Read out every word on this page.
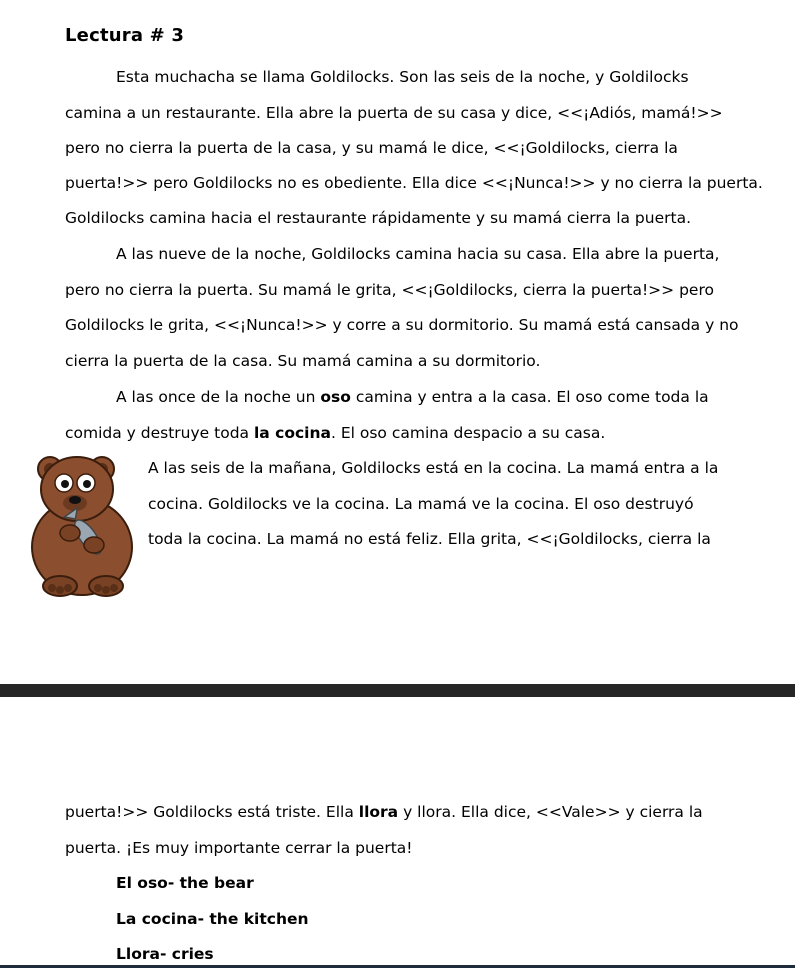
Lectura # 3
Esta muchacha se llama Goldilocks. Son las seis de la noche, y Goldilocks
camina a un restaurante. Ella abre la puerta de su casa y dice, <<¡Adiós, mamá!>>
pero no cierra la puerta de la casa, y su mamá le dice, <<¡Goldilocks, cierra la
puerta!>> pero Goldilocks no es obediente. Ella dice <<¡Nunca!>> y no cierra la puerta.
Goldilocks camina hacia el restaurante rápidamente y su mamá cierra la puerta.
A las nueve de la noche, Goldilocks camina hacia su casa. Ella abre la puerta,
pero no cierra la puerta. Su mamá le grita, <<¡Goldilocks, cierra la puerta!>> pero
Goldilocks le grita, <<¡Nunca!>> y corre a su dormitorio. Su mamá está cansada y no
cierra la puerta de la casa. Su mamá camina a su dormitorio.
A las once de la noche un oso camina y entra a la casa. El oso come toda la
comida y destruye toda la cocina. El oso camina despacio a su casa.
A las seis de la mañana, Goldilocks está en la cocina. La mamá entra a la
cocina. Goldilocks ve la cocina. La mamá ve la cocina. El oso destruyó
toda la cocina. La mamá no está feliz. Ella grita, <<¡Goldilocks, cierra la
puerta!>> Goldilocks está triste. Ella llora y llora. Ella dice, <<Vale>> y cierra la
puerta. ¡Es muy importante cerrar la puerta!
El oso- the bear
La cocina- the kitchen
Llora- cries
